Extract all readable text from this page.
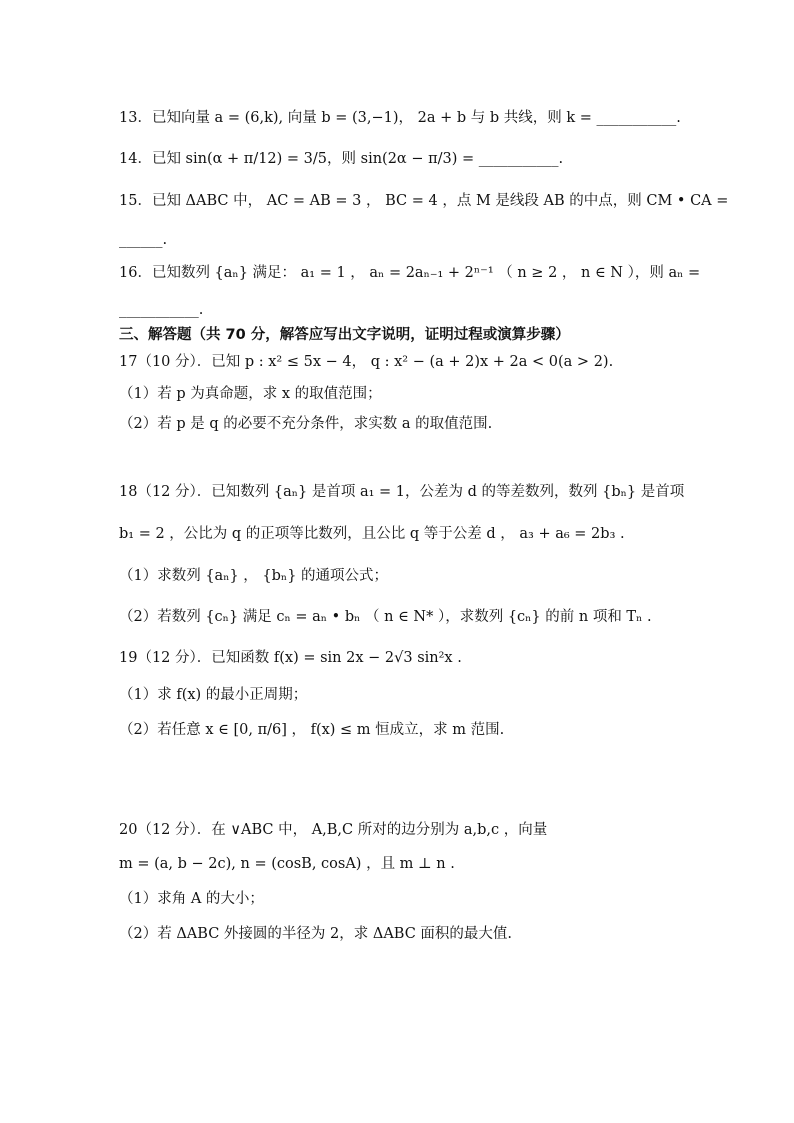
13．已知向量 a = (6,k), 向量 b = (3,−1)， 2a + b 与 b 共线，则 k = ___________.
14．已知 sin(α + π/12) = 3/5，则 sin(2α − π/3) = ___________.
15．已知 ΔABC 中， AC = AB = 3 ， BC = 4 ，点 M 是线段 AB 的中点，则 CM • CA =
______.
16．已知数列 {aₙ} 满足： a₁ = 1 ， aₙ = 2aₙ₋₁ + 2ⁿ⁻¹ （ n ≥ 2 ， n ∈ N ），则 aₙ =
___________.
三、解答题（共 70 分，解答应写出文字说明，证明过程或演算步骤）
17（10 分）．已知 p : x² ≤ 5x − 4， q : x² − (a + 2)x + 2a < 0(a > 2).
（1）若 p 为真命题，求 x 的取值范围；
（2）若 p 是 q 的必要不充分条件，求实数 a 的取值范围.
18（12 分）．已知数列 {aₙ} 是首项 a₁ = 1，公差为 d 的等差数列，数列 {bₙ} 是首项
b₁ = 2 ，公比为 q 的正项等比数列，且公比 q 等于公差 d ， a₃ + a₆ = 2b₃ .
（1）求数列 {aₙ} ， {bₙ} 的通项公式；
（2）若数列 {cₙ} 满足 cₙ = aₙ • bₙ （ n ∈ N* ），求数列 {cₙ} 的前 n 项和 Tₙ .
19（12 分）．已知函数 f(x) = sin 2x − 2√3 sin²x .
（1）求 f(x) 的最小正周期；
（2）若任意 x ∈ [0, π/6] ， f(x) ≤ m 恒成立，求 m 范围.
20（12 分）．在 ∨ABC 中， A,B,C 所对的边分别为 a,b,c ，向量
m = (a, b − 2c), n = (cosB, cosA) ，且 m ⊥ n .
（1）求角 A 的大小；
（2）若 ΔABC 外接圆的半径为 2，求 ΔABC 面积的最大值.
